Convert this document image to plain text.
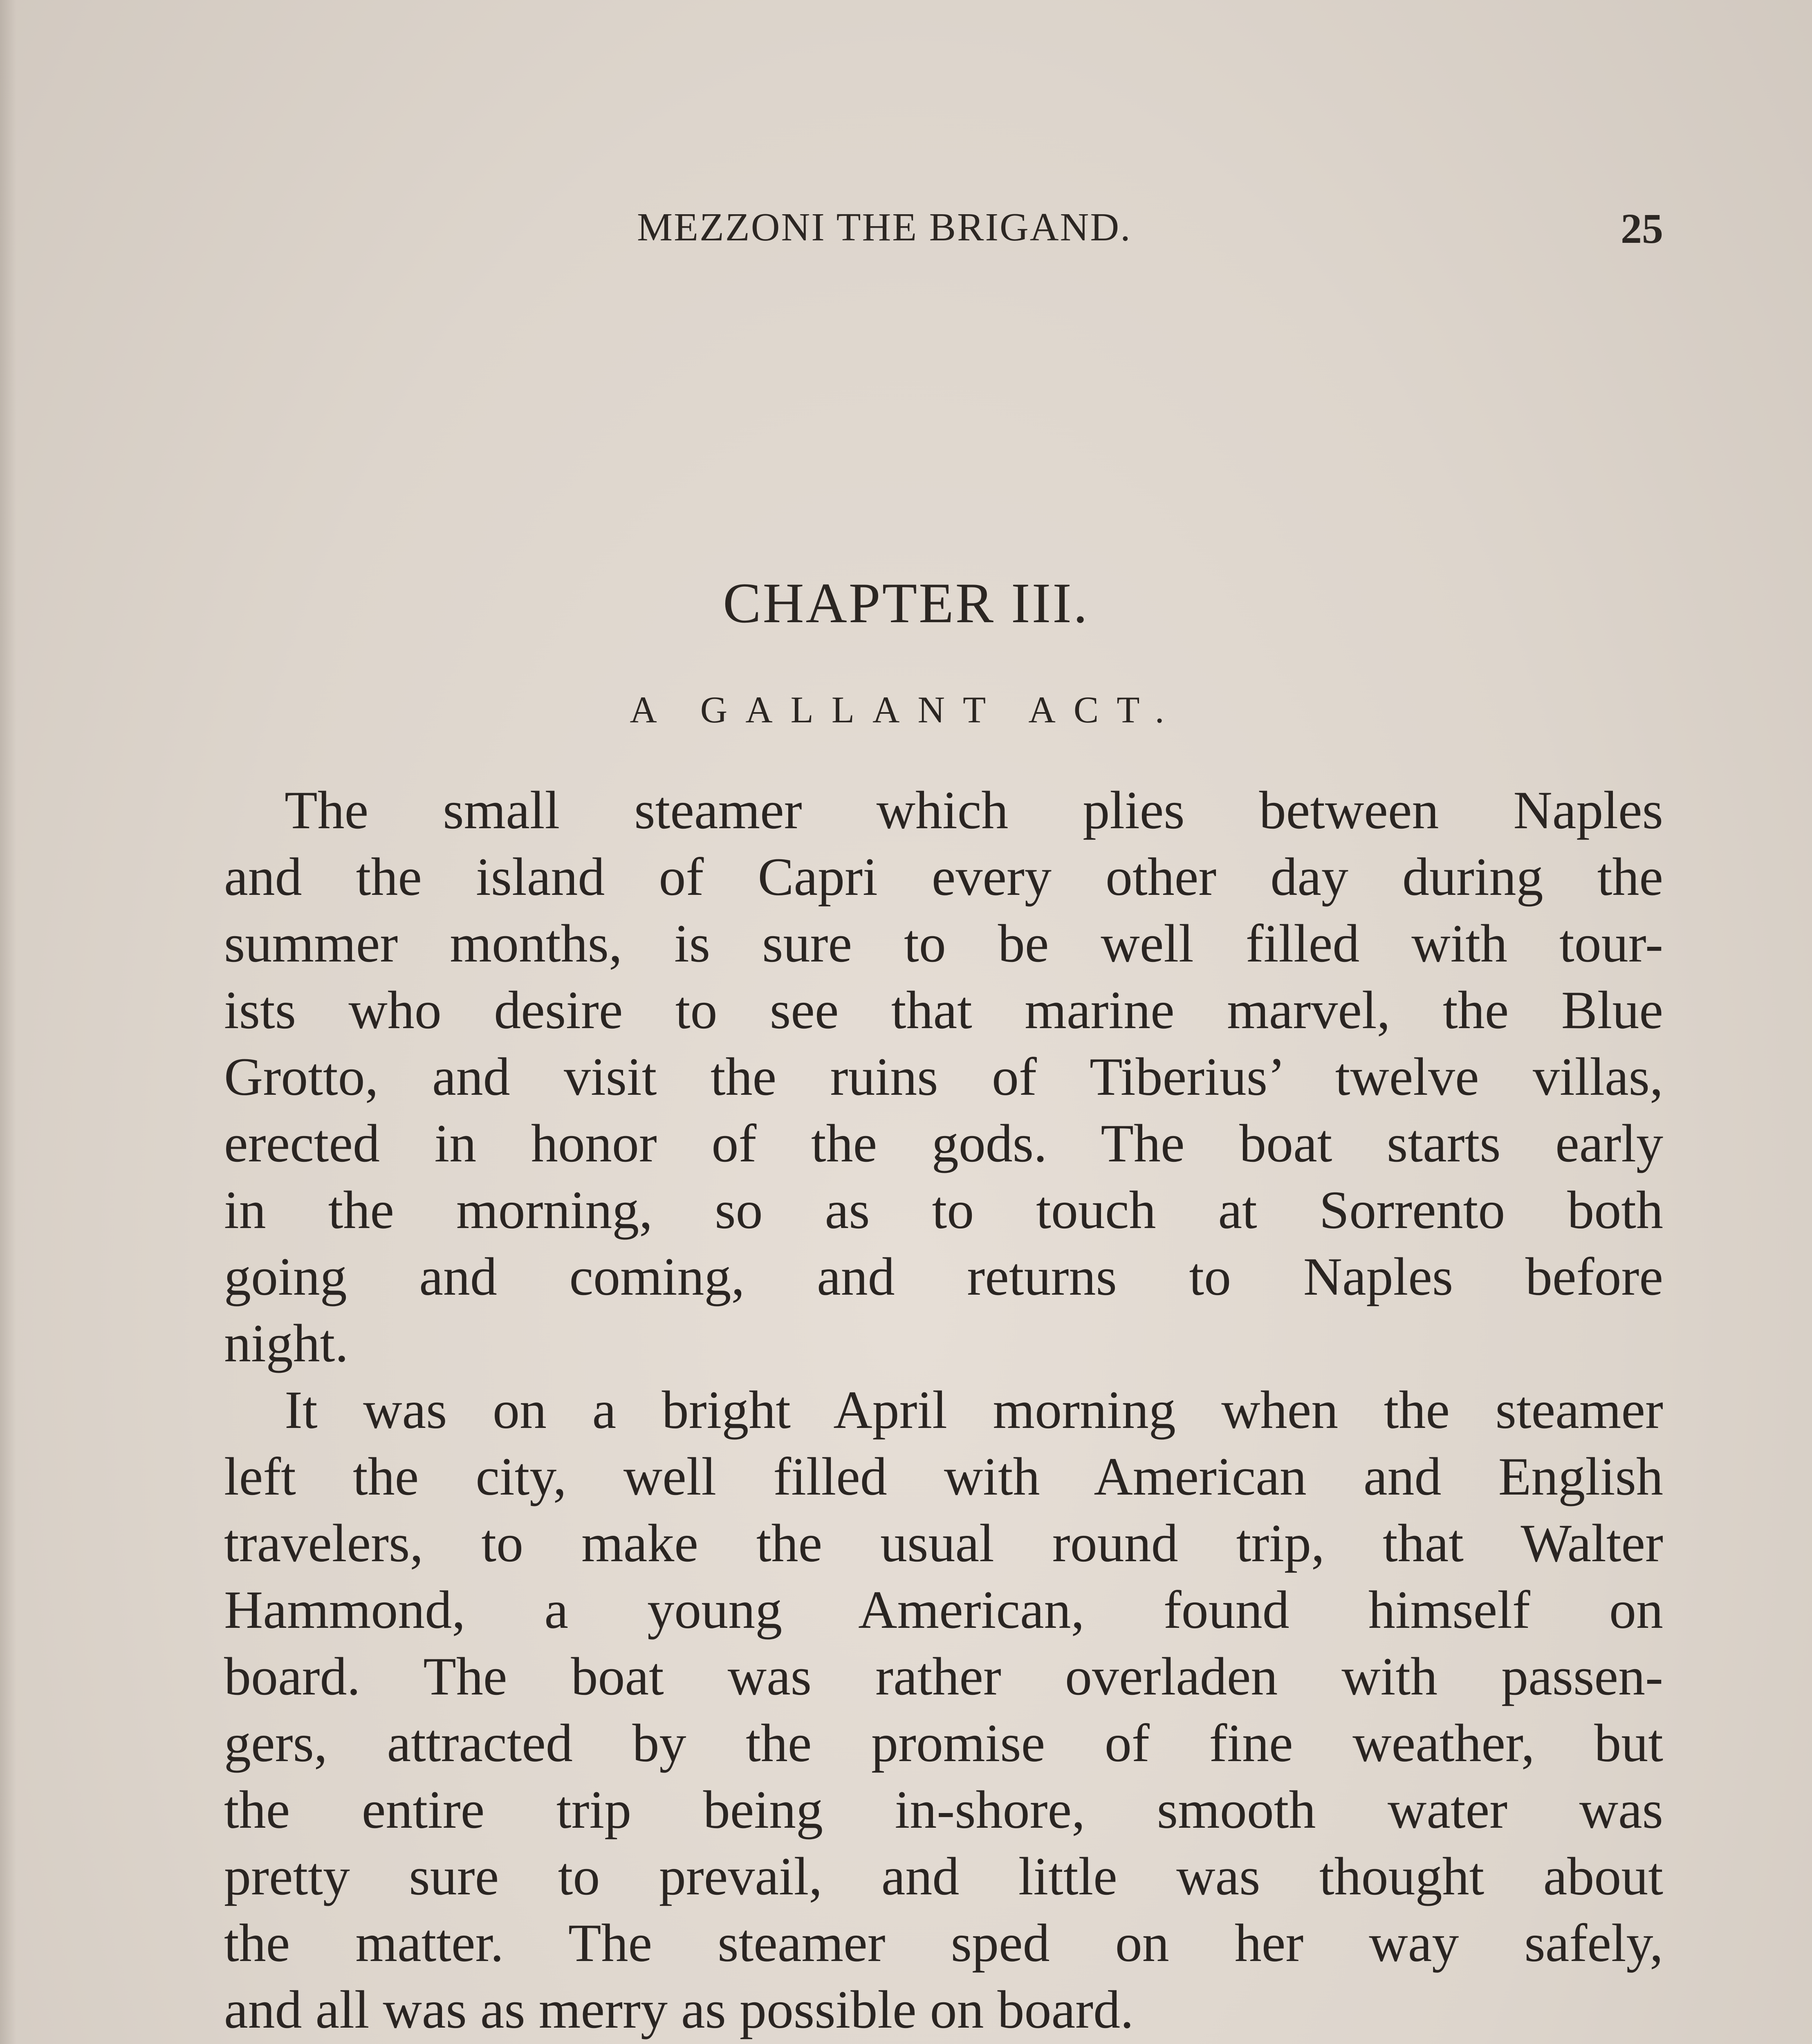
MEZZONI THE BRIGAND.	25
CHAPTER III.
A GALLANT ACT.
The small steamer which plies between Naples
and the island of Capri every other day during the
summer months, is sure to be well filled with tour-
ists who desire to see that marine marvel, the Blue
Grotto, and visit the ruins of Tiberius’ twelve villas,
erected in honor of the gods. The boat starts early
in the morning, so as to touch at Sorrento both
going and coming, and returns to Naples before
night.
It was on a bright April morning when the steamer
left the city, well filled with American and English
travelers, to make the usual round trip, that Walter
Hammond, a young American, found himself on
board. The boat was rather overladen with passen-
gers, attracted by the promise of fine weather, but
the entire trip being in-shore, smooth water was
pretty sure to prevail, and little was thought about
the matter. The steamer sped on her way safely,
and all was as merry as possible on board.
